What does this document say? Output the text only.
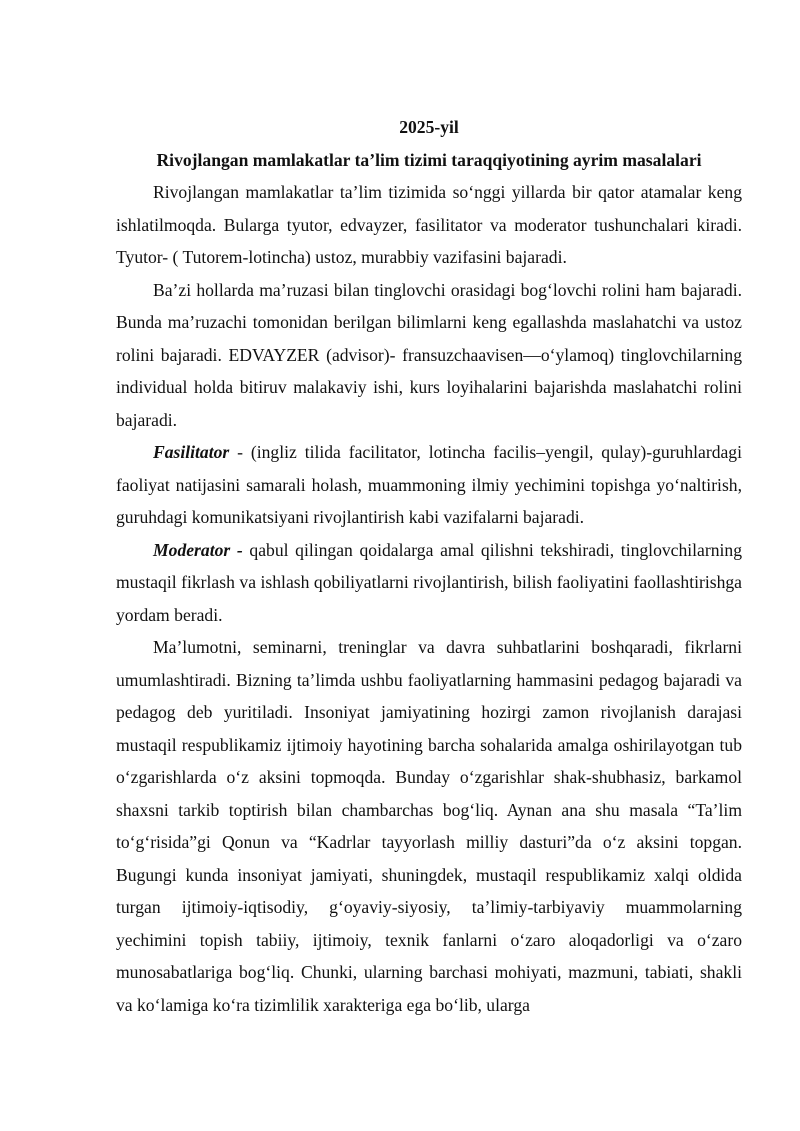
2025-yil

Rivojlangan mamlakatlar ta’lim tizimi taraqqiyotining ayrim masalalari

Rivojlangan mamlakatlar ta’lim tizimida so‘nggi yillarda bir qator atamalar keng ishlatilmoqda. Bularga tyutor, edvayzer, fasilitator va moderator tushunchalari kiradi. Tyutor- ( Tutorem-lotincha) ustoz, murabbiy vazifasini bajaradi.

Ba’zi hollarda ma’ruzasi bilan tinglovchi orasidagi bog‘lovchi rolini ham bajaradi. Bunda ma’ruzachi tomonidan berilgan bilimlarni keng egallashda maslahatchi va ustoz rolini bajaradi. EDVAYZER (advisor)- fransuzchaavisen—o‘ylamoq) tinglovchilarning individual holda bitiruv malakaviy ishi, kurs loyihalarini bajarishda maslahatchi rolini bajaradi.

Fasilitator - (ingliz tilida facilitator, lotincha facilis–yengil, qulay)-guruhlardagi faoliyat natijasini samarali holash, muammoning ilmiy yechimini topishga yo‘naltirish, guruhdagi komunikatsiyani rivojlantirish kabi vazifalarni bajaradi.

Moderator - qabul qilingan qoidalarga amal qilishni tekshiradi, tinglovchilarning mustaqil fikrlash va ishlash qobiliyatlarni rivojlantirish, bilish faoliyatini faollashtirishga yordam beradi.

Ma’lumotni, seminarni, treninglar va davra suhbatlarini boshqaradi, fikrlarni umumlashtiradi. Bizning ta’limda ushbu faoliyatlarning hammasini pedagog bajaradi va pedagog deb yuritiladi. Insoniyat jamiyatining hozirgi zamon rivojlanish darajasi mustaqil respublikamiz ijtimoiy hayotining barcha sohalarida amalga oshirilayotgan tub o‘zgarishlarda o‘z aksini topmoqda. Bunday o‘zgarishlar shak-shubhasiz, barkamol shaxsni tarkib toptirish bilan chambarchas bog‘liq. Aynan ana shu masala “Ta’lim to‘g‘risida”gi Qonun va “Kadrlar tayyorlash milliy dasturi”da o‘z aksini topgan. Bugungi kunda insoniyat jamiyati, shuningdek, mustaqil respublikamiz xalqi oldida turgan ijtimoiy-iqtisodiy, g‘oyaviy-siyosiy, ta’limiy-tarbiyaviy muammolarning yechimini topish tabiiy, ijtimoiy, texnik fanlarni o‘zaro aloqadorligi va o‘zaro munosabatlariga bog‘liq. Chunki, ularning barchasi mohiyati, mazmuni, tabiati, shakli va ko‘lamiga ko‘ra tizimlilik xarakteriga ega bo‘lib, ularga
